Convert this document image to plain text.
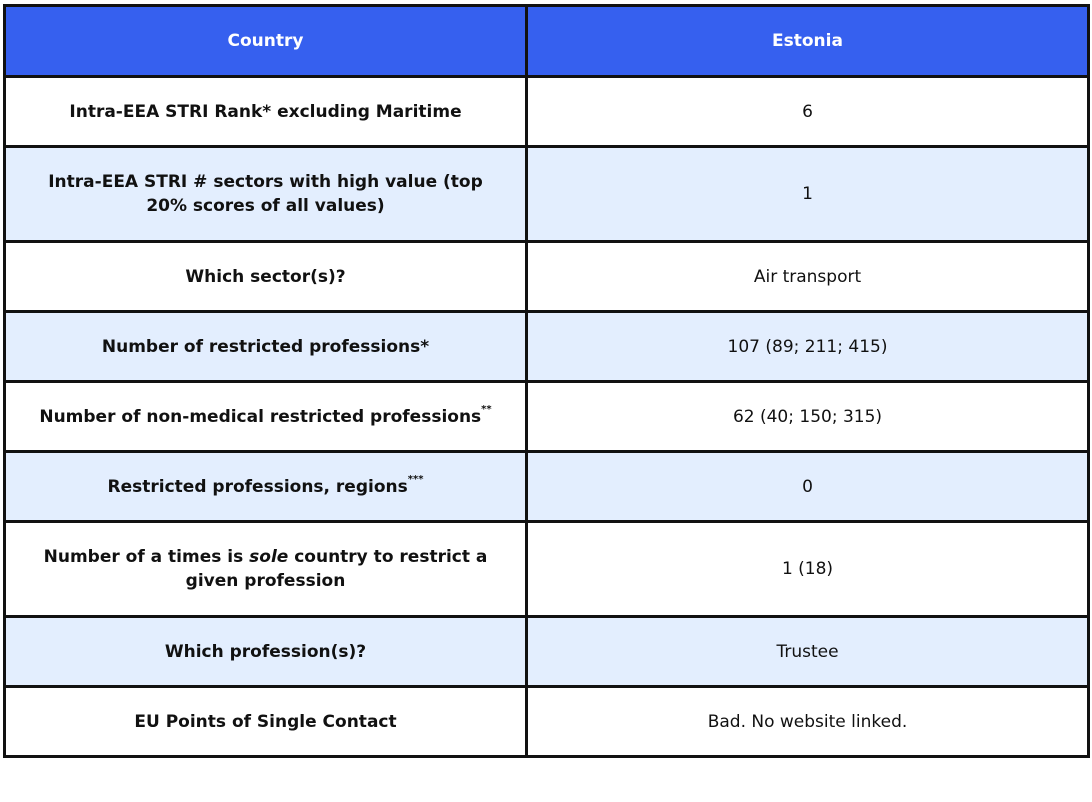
Country	Estonia
Intra-EEA STRI Rank* excluding Maritime	6
Intra-EEA STRI # sectors with high value (top 20% scores of all values)	1
Which sector(s)?	Air transport
Number of restricted professions*	107 (89; 211; 415)
Number of non-medical restricted professions**	62 (40; 150; 315)
Restricted professions, regions***	0
Number of a times is sole country to restrict a given profession	1 (18)
Which profession(s)?	Trustee
EU Points of Single Contact	Bad. No website linked.
